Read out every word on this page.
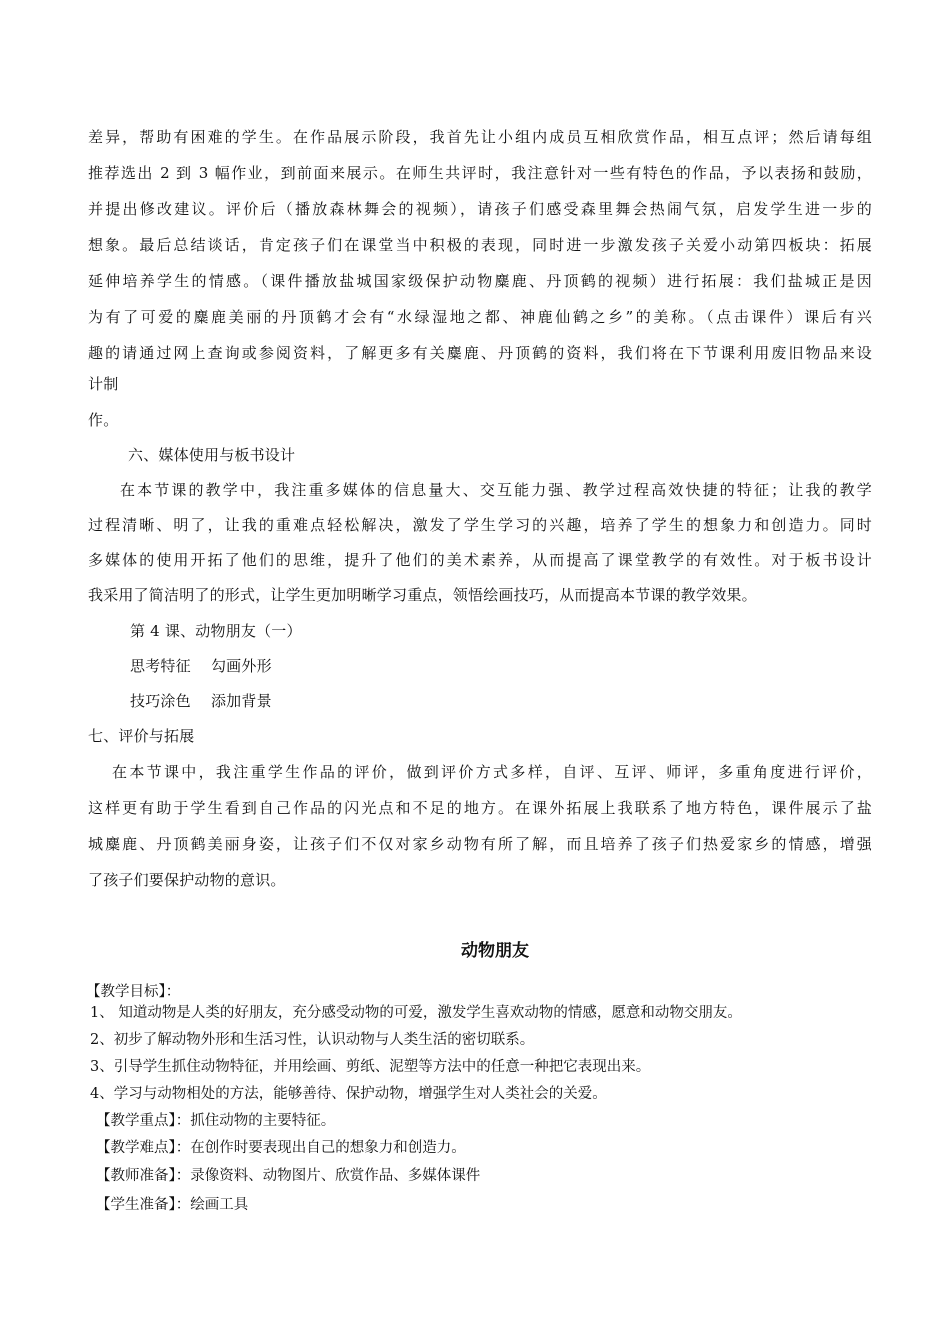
差异，帮助有困难的学生。在作品展示阶段，我首先让小组内成员互相欣赏作品，相互点评；然后请每组
推荐选出 2 到 3 幅作业，到前面来展示。在师生共评时，我注意针对一些有特色的作品，予以表扬和鼓励，
并提出修改建议。评价后（播放森林舞会的视频），请孩子们感受森里舞会热闹气氛，启发学生进一步的
想象。最后总结谈话，肯定孩子们在课堂当中积极的表现，同时进一步激发孩子关爱小动第四板块：拓展
延伸培养学生的情感。（课件播放盐城国家级保护动物麋鹿、丹顶鹤的视频）进行拓展：我们盐城正是因
为有了可爱的麋鹿美丽的丹顶鹤才会有“水绿湿地之都、神鹿仙鹤之乡”的美称。（点击课件）课后有兴
趣的请通过网上查询或参阅资料，了解更多有关麋鹿、丹顶鹤的资料，我们将在下节课利用废旧物品来设
计制
作。
六、媒体使用与板书设计
在本节课的教学中，我注重多媒体的信息量大、交互能力强、教学过程高效快捷的特征；让我的教学
过程清晰、明了，让我的重难点轻松解决，激发了学生学习的兴趣，培养了学生的想象力和创造力。同时
多媒体的使用开拓了他们的思维，提升了他们的美术素养，从而提高了课堂教学的有效性。对于板书设计
我采用了简洁明了的形式，让学生更加明晰学习重点，领悟绘画技巧，从而提高本节课的教学效果。
第 4 课、动物朋友（一）
思考特征　 勾画外形
技巧涂色　 添加背景
七、评价与拓展
在本节课中，我注重学生作品的评价，做到评价方式多样，自评、互评、师评，多重角度进行评价，
这样更有助于学生看到自己作品的闪光点和不足的地方。在课外拓展上我联系了地方特色，课件展示了盐
城麋鹿、丹顶鹤美丽身姿，让孩子们不仅对家乡动物有所了解，而且培养了孩子们热爱家乡的情感，增强
了孩子们要保护动物的意识。
动物朋友
【教学目标】：
1、 知道动物是人类的好朋友，充分感受动物的可爱，激发学生喜欢动物的情感，愿意和动物交朋友。
2、初步了解动物外形和生活习性，认识动物与人类生活的密切联系。
3、引导学生抓住动物特征，并用绘画、剪纸、泥塑等方法中的任意一种把它表现出来。
4、学习与动物相处的方法，能够善待、保护动物，增强学生对人类社会的关爱。
【教学重点】：抓住动物的主要特征。
【教学难点】：在创作时要表现出自己的想象力和创造力。
【教师准备】：录像资料、动物图片、欣赏作品、多媒体课件
【学生准备】：绘画工具
